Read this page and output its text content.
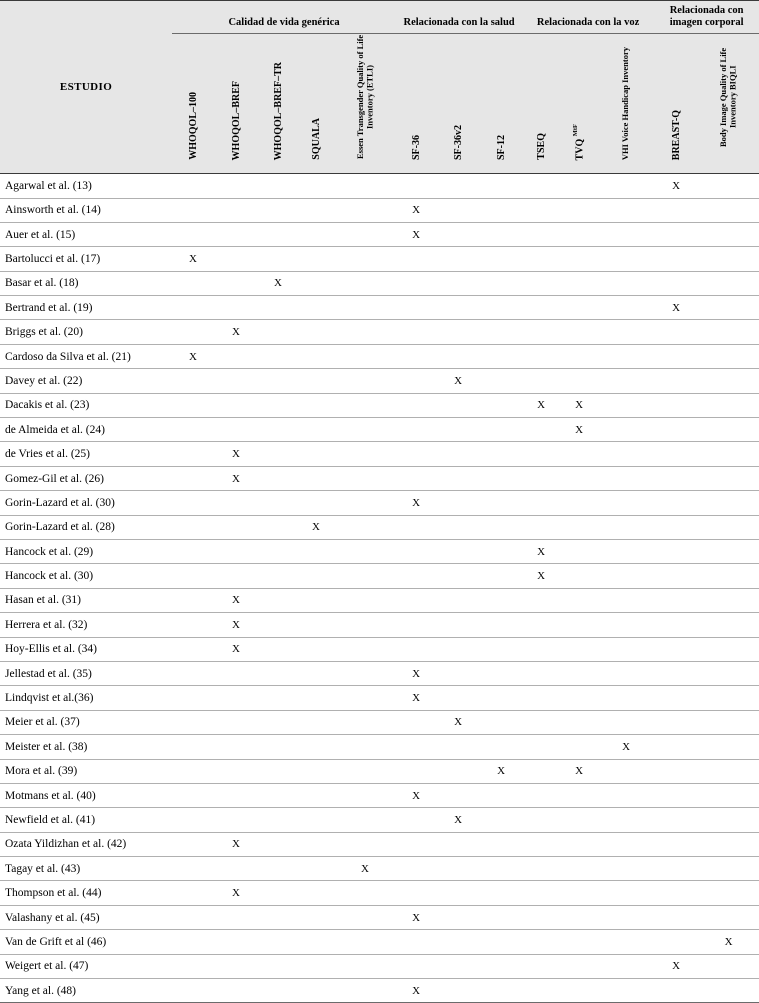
ESTUDIO	Calidad de vida genérica					Relacionada con la salud			Relacionada con la voz			Relacionada con imagen corporal	
	WHOQOL–100	WHOQOL–BREF	WHOQOL–BREF–TR	SQUALA	Essen Transgender Quality of Life Inventory (ETLI)	SF-36	SF-36v2	SF-12	TSEQ	TVQ $^{MtF}$	VHI Voice Handicap Inventory	BREAST-Q	Body Image Quality of Life Inventory BIQLI

Agarwal et al. (13)												X	
Ainsworth et al. (14)						X							
Auer et al. (15)						X							
Bartolucci et al. (17)	X												
Basar et al. (18)			X										
Bertrand et al. (19)												X	
Briggs et al. (20)		X											
Cardoso da Silva et al. (21)	X												
Davey et al. (22)							X						
Dacakis et al. (23)									X	X			
de Almeida et al. (24)										X			
de Vries et al. (25)		X											
Gomez-Gil et al. (26)		X											
Gorin-Lazard et al. (30)						X							
Gorin-Lazard et al. (28)				X									
Hancock et al. (29)									X				
Hancock et al. (30)									X				
Hasan et al. (31)		X											
Herrera et al. (32)		X											
Hoy-Ellis et al. (34)		X											
Jellestad et al. (35)						X							
Lindqvist et al.(36)						X							
Meier et al. (37)							X						
Meister et al. (38)											X		
Mora et al. (39)								X		X			
Motmans et al. (40)						X							
Newfield et al. (41)							X						
Ozata Yildizhan et al. (42)		X											
Tagay et al. (43)					X								
Thompson et al. (44)		X											
Valashany et al. (45)						X							
Van de Grift et al (46)													X
Weigert et al. (47)												X	
Yang et al. (48)						X							
